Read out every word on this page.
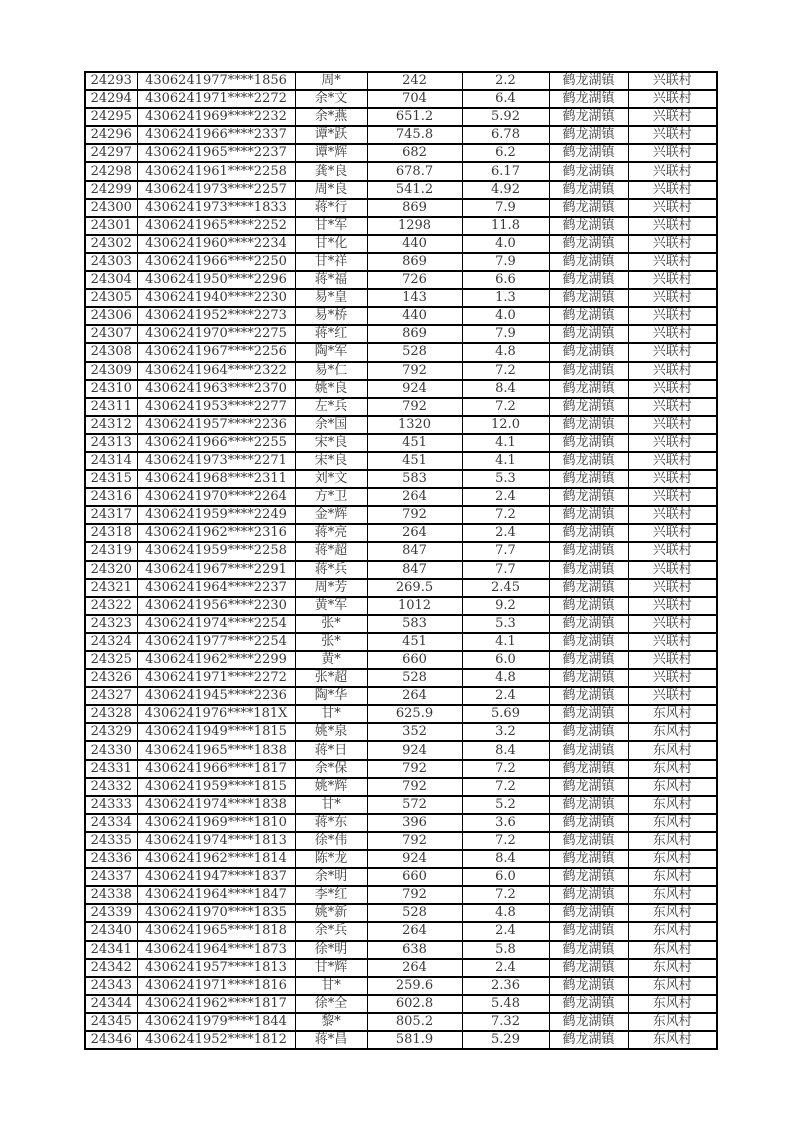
24293	4306241977****1856	周*	242	2.2	鹤龙湖镇	兴联村
24294	4306241971****2272	余*文	704	6.4	鹤龙湖镇	兴联村
24295	4306241969****2232	余*燕	651.2	5.92	鹤龙湖镇	兴联村
24296	4306241966****2337	谭*跃	745.8	6.78	鹤龙湖镇	兴联村
24297	4306241965****2237	谭*辉	682	6.2	鹤龙湖镇	兴联村
24298	4306241961****2258	龚*良	678.7	6.17	鹤龙湖镇	兴联村
24299	4306241973****2257	周*良	541.2	4.92	鹤龙湖镇	兴联村
24300	4306241973****1833	蒋*行	869	7.9	鹤龙湖镇	兴联村
24301	4306241965****2252	甘*军	1298	11.8	鹤龙湖镇	兴联村
24302	4306241960****2234	甘*化	440	4.0	鹤龙湖镇	兴联村
24303	4306241966****2250	甘*祥	869	7.9	鹤龙湖镇	兴联村
24304	4306241950****2296	蒋*福	726	6.6	鹤龙湖镇	兴联村
24305	4306241940****2230	易*皇	143	1.3	鹤龙湖镇	兴联村
24306	4306241952****2273	易*桥	440	4.0	鹤龙湖镇	兴联村
24307	4306241970****2275	蒋*红	869	7.9	鹤龙湖镇	兴联村
24308	4306241967****2256	陶*军	528	4.8	鹤龙湖镇	兴联村
24309	4306241964****2322	易*仁	792	7.2	鹤龙湖镇	兴联村
24310	4306241963****2370	姚*良	924	8.4	鹤龙湖镇	兴联村
24311	4306241953****2277	左*兵	792	7.2	鹤龙湖镇	兴联村
24312	4306241957****2236	余*国	1320	12.0	鹤龙湖镇	兴联村
24313	4306241966****2255	宋*良	451	4.1	鹤龙湖镇	兴联村
24314	4306241973****2271	宋*良	451	4.1	鹤龙湖镇	兴联村
24315	4306241968****2311	刘*文	583	5.3	鹤龙湖镇	兴联村
24316	4306241970****2264	方*卫	264	2.4	鹤龙湖镇	兴联村
24317	4306241959****2249	金*辉	792	7.2	鹤龙湖镇	兴联村
24318	4306241962****2316	蒋*亮	264	2.4	鹤龙湖镇	兴联村
24319	4306241959****2258	蒋*超	847	7.7	鹤龙湖镇	兴联村
24320	4306241967****2291	蒋*兵	847	7.7	鹤龙湖镇	兴联村
24321	4306241964****2237	周*芳	269.5	2.45	鹤龙湖镇	兴联村
24322	4306241956****2230	黄*军	1012	9.2	鹤龙湖镇	兴联村
24323	4306241974****2254	张*	583	5.3	鹤龙湖镇	兴联村
24324	4306241977****2254	张*	451	4.1	鹤龙湖镇	兴联村
24325	4306241962****2299	黄*	660	6.0	鹤龙湖镇	兴联村
24326	4306241971****2272	张*超	528	4.8	鹤龙湖镇	兴联村
24327	4306241945****2236	陶*华	264	2.4	鹤龙湖镇	兴联村
24328	4306241976****181X	甘*	625.9	5.69	鹤龙湖镇	东风村
24329	4306241949****1815	姚*泉	352	3.2	鹤龙湖镇	东风村
24330	4306241965****1838	蒋*日	924	8.4	鹤龙湖镇	东风村
24331	4306241966****1817	余*保	792	7.2	鹤龙湖镇	东风村
24332	4306241959****1815	姚*辉	792	7.2	鹤龙湖镇	东风村
24333	4306241974****1838	甘*	572	5.2	鹤龙湖镇	东风村
24334	4306241969****1810	蒋*东	396	3.6	鹤龙湖镇	东风村
24335	4306241974****1813	徐*伟	792	7.2	鹤龙湖镇	东风村
24336	4306241962****1814	陈*龙	924	8.4	鹤龙湖镇	东风村
24337	4306241947****1837	余*明	660	6.0	鹤龙湖镇	东风村
24338	4306241964****1847	李*红	792	7.2	鹤龙湖镇	东风村
24339	4306241970****1835	姚*新	528	4.8	鹤龙湖镇	东风村
24340	4306241965****1818	余*兵	264	2.4	鹤龙湖镇	东风村
24341	4306241964****1873	徐*明	638	5.8	鹤龙湖镇	东风村
24342	4306241957****1813	甘*辉	264	2.4	鹤龙湖镇	东风村
24343	4306241971****1816	甘*	259.6	2.36	鹤龙湖镇	东风村
24344	4306241962****1817	徐*全	602.8	5.48	鹤龙湖镇	东风村
24345	4306241979****1844	黎*	805.2	7.32	鹤龙湖镇	东风村
24346	4306241952****1812	蒋*昌	581.9	5.29	鹤龙湖镇	东风村
